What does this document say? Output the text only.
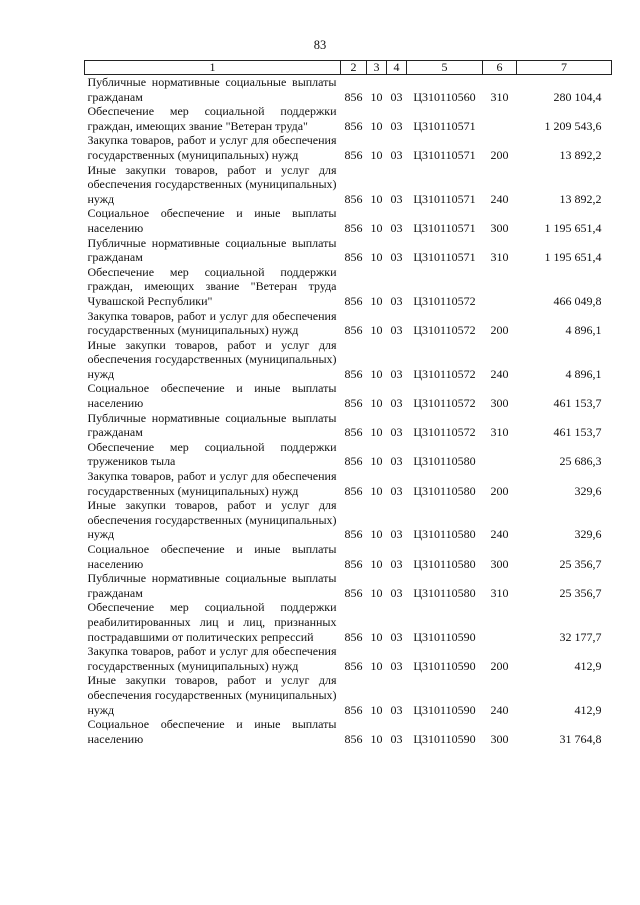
83
1	2	3	4	5	6	7
Публичные нормативные социальные выплаты гражданам	856	10	03	Ц310110560	310	280 104,4
Обеспечение мер социальной поддержки граждан, имеющих звание "Ветеран труда"	856	10	03	Ц310110571		1 209 543,6
Закупка товаров, работ и услуг для обеспечения государственных (муниципальных) нужд	856	10	03	Ц310110571	200	13 892,2
Иные закупки товаров, работ и услуг для обеспечения государственных (муниципальных) нужд	856	10	03	Ц310110571	240	13 892,2
Социальное обеспечение и иные выплаты населению	856	10	03	Ц310110571	300	1 195 651,4
Публичные нормативные социальные выплаты гражданам	856	10	03	Ц310110571	310	1 195 651,4
Обеспечение мер социальной поддержки граждан, имеющих звание "Ветеран труда Чувашской Республики"	856	10	03	Ц310110572		466 049,8
Закупка товаров, работ и услуг для обеспечения государственных (муниципальных) нужд	856	10	03	Ц310110572	200	4 896,1
Иные закупки товаров, работ и услуг для обеспечения государственных (муниципальных) нужд	856	10	03	Ц310110572	240	4 896,1
Социальное обеспечение и иные выплаты населению	856	10	03	Ц310110572	300	461 153,7
Публичные нормативные социальные выплаты гражданам	856	10	03	Ц310110572	310	461 153,7
Обеспечение мер социальной поддержки тружеников тыла	856	10	03	Ц310110580		25 686,3
Закупка товаров, работ и услуг для обеспечения государственных (муниципальных) нужд	856	10	03	Ц310110580	200	329,6
Иные закупки товаров, работ и услуг для обеспечения государственных (муниципальных) нужд	856	10	03	Ц310110580	240	329,6
Социальное обеспечение и иные выплаты населению	856	10	03	Ц310110580	300	25 356,7
Публичные нормативные социальные выплаты гражданам	856	10	03	Ц310110580	310	25 356,7
Обеспечение мер социальной поддержки реабилитированных лиц и лиц, признанных пострадавшими от политических репрессий	856	10	03	Ц310110590		32 177,7
Закупка товаров, работ и услуг для обеспечения государственных (муниципальных) нужд	856	10	03	Ц310110590	200	412,9
Иные закупки товаров, работ и услуг для обеспечения государственных (муниципальных) нужд	856	10	03	Ц310110590	240	412,9
Социальное обеспечение и иные выплаты населению	856	10	03	Ц310110590	300	31 764,8
